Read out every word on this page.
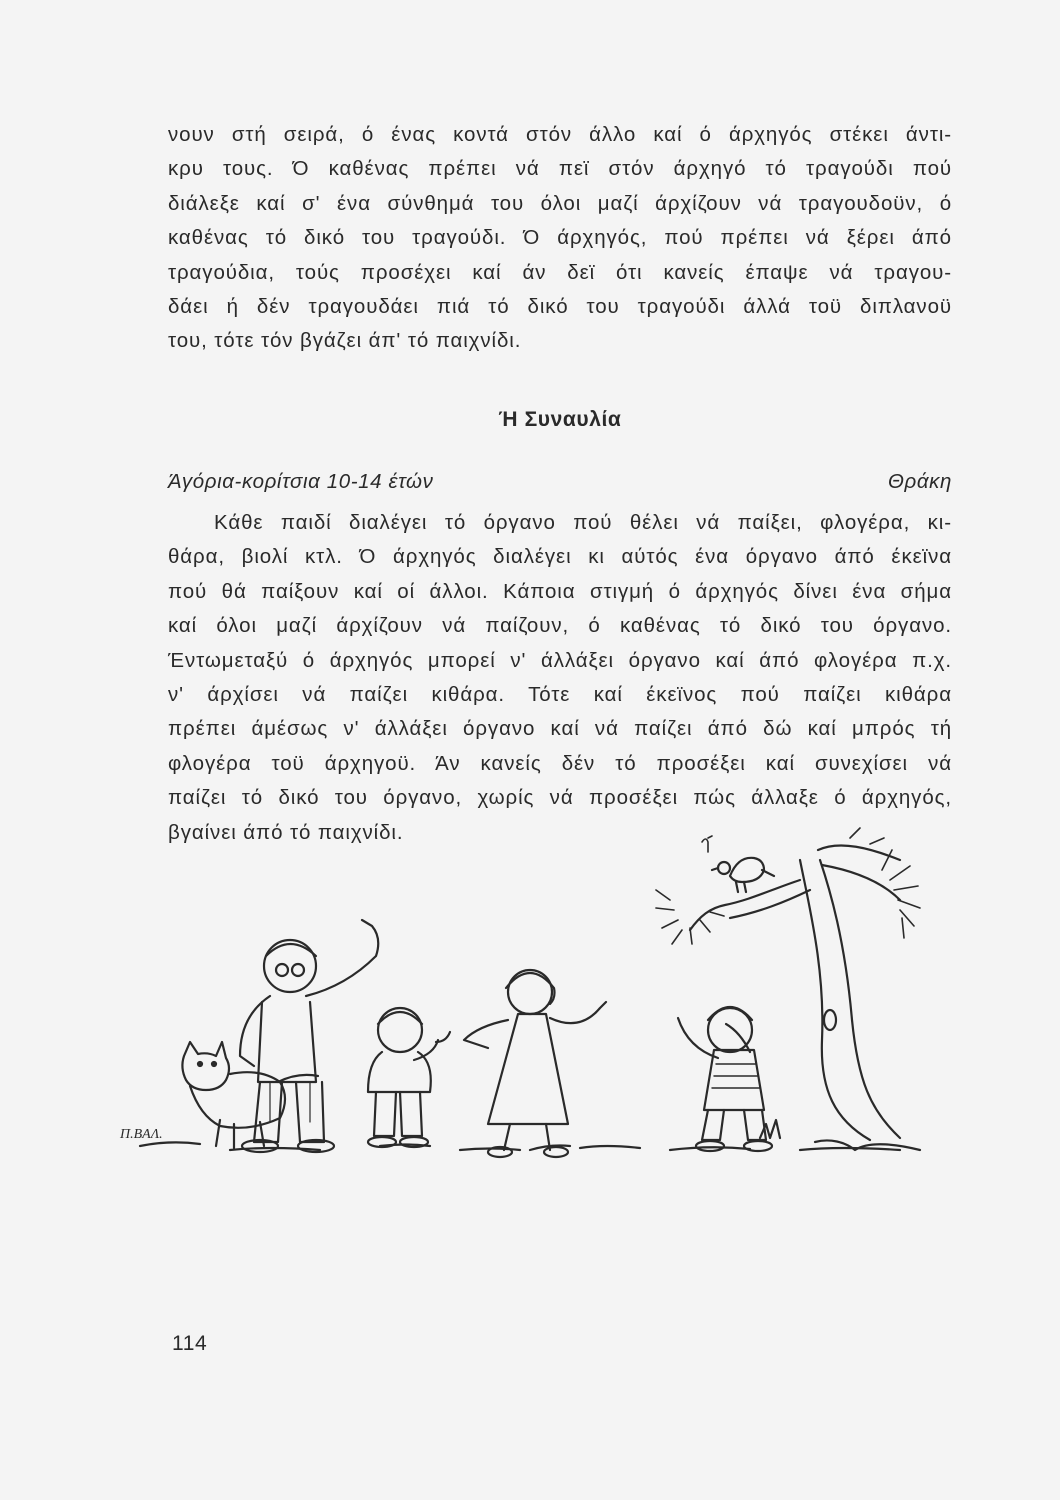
νουν στή σειρά, ό ένας κοντά στόν άλλο καί ό άρχηγός στέκει άντι-
κρυ τους. Ό καθένας πρέπει νά πεϊ στόν άρχηγό τό τραγούδι πού
διάλεξε καί σ' ένα σύνθημά του όλοι μαζί άρχίζουν νά τραγουδοϋν, ό
καθένας τό δικό του τραγούδι. Ό άρχηγός, πού πρέπει νά ξέρει άπό
τραγούδια, τούς προσέχει καί άν δεϊ ότι κανείς έπαψε νά τραγου-
δάει ή δέν τραγουδάει πιά τό δικό του τραγούδι άλλά τοϋ διπλανοϋ
του, τότε τόν βγάζει άπ' τό παιχνίδι.
Ή Συναυλία
Άγόρια-κορίτσια 10-14 έτών	Θράκη
Κάθε παιδί διαλέγει τό όργανο πού θέλει νά παίξει, φλογέρα, κι-
θάρα, βιολί κτλ. Ό άρχηγός διαλέγει κι αύτός ένα όργανο άπό έκεϊνα
πού θά παίξουν καί οί άλλοι. Κάποια στιγμή ό άρχηγός δίνει ένα σήμα
καί όλοι μαζί άρχίζουν νά παίζουν, ό καθένας τό δικό του όργανο.
Έντωμεταξύ ό άρχηγός μπορεί ν' άλλάξει όργανο καί άπό φλογέρα π.χ.
ν' άρχίσει νά παίζει κιθάρα. Τότε καί έκεϊνος πού παίζει κιθάρα
πρέπει άμέσως ν' άλλάξει όργανο καί νά παίζει άπό δώ καί μπρός τή
φλογέρα τοϋ άρχηγοϋ. Άν κανείς δέν τό προσέξει καί συνεχίσει νά
παίζει τό δικό του όργανο, χωρίς νά προσέξει πώς άλλαξε ό άρχηγός,
βγαίνει άπό τό παιχνίδι.
Π.ΒΑΛ.
114
